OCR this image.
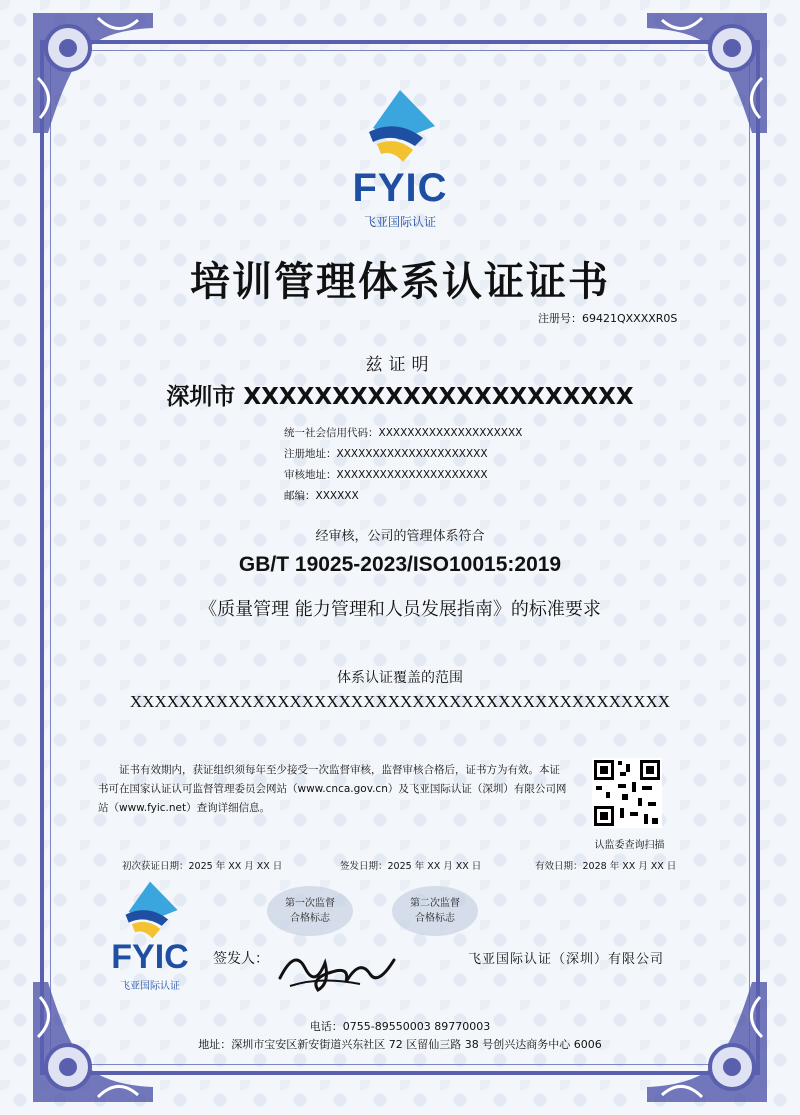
FYIC
飞亚国际认证
培训管理体系认证证书
注册号：69421QXXXXR0S
兹证明
深圳市 XXXXXXXXXXXXXXXXXXXXXX
统一社会信用代码：XXXXXXXXXXXXXXXXXXXX
注册地址：XXXXXXXXXXXXXXXXXXXXX
审核地址：XXXXXXXXXXXXXXXXXXXXX
邮编：XXXXXX
经审核，公司的管理体系符合
GB/T 19025-2023/ISO10015:2019
《质量管理 能力管理和人员发展指南》的标准要求
体系认证覆盖的范围
XXXXXXXXXXXXXXXXXXXXXXXXXXXXXXXXXXXXXXXXXXXX
证书有效期内，获证组织须每年至少接受一次监督审核，监督审核合格后，证书方为有效。本证书可在国家认证认可监督管理委员会网站（www.cnca.gov.cn）及飞亚国际认证（深圳）有限公司网站（www.fyic.net）查询详细信息。
认监委查询扫描
初次获证日期：2025 年 XX 月 XX 日	签发日期：2025 年 XX 月 XX 日	有效日期：2028 年 XX 月 XX 日
第一次监督
合格标志
第二次监督
合格标志
FYIC
飞亚国际认证
签发人：	飞亚国际认证（深圳）有限公司
电话：0755-89550003 89770003
地址：深圳市宝安区新安街道兴东社区 72 区留仙三路 38 号创兴达商务中心 6006
